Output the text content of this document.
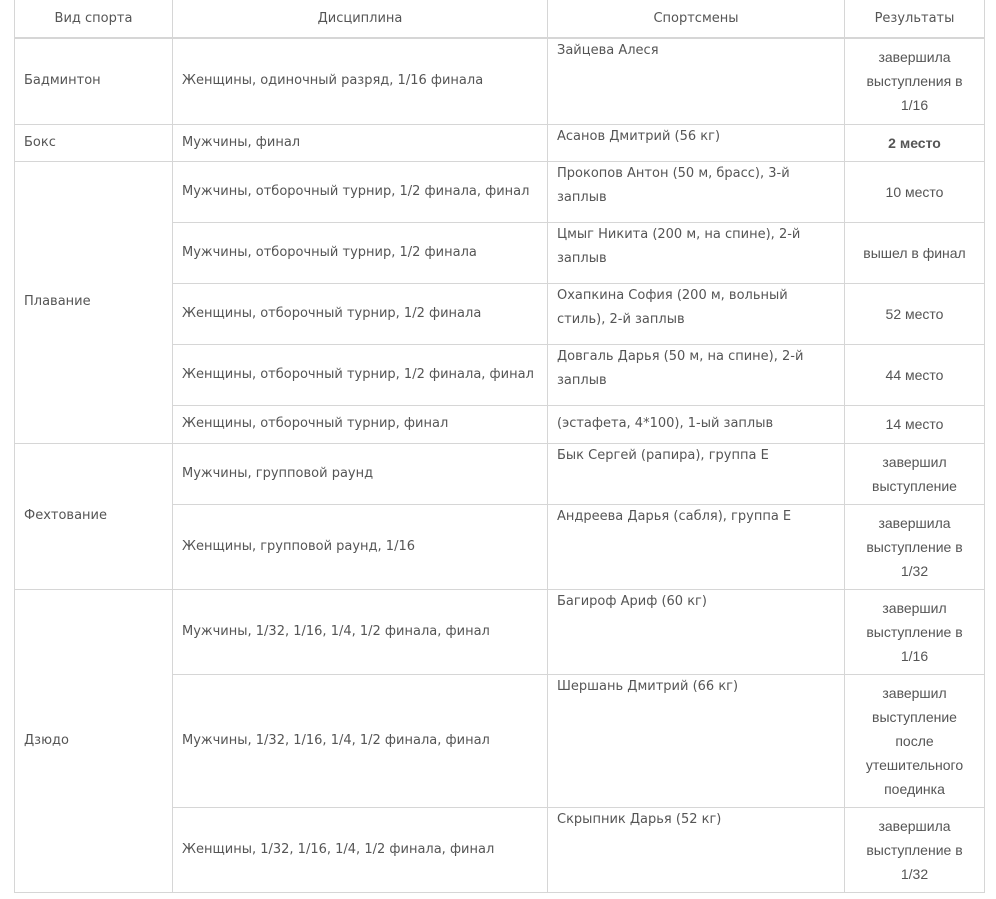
Вид спорта	Дисциплина	Спортсмены	Результаты
Бадминтон	Женщины, одиночный разряд, 1/16 финала	Зайцева Алеся	завершила выступления в 1/16
Бокс	Мужчины, финал	Асанов Дмитрий (56 кг)	2 место
Плавание	Мужчины, отборочный турнир, 1/2 финала, финал	Прокопов Антон (50 м, брасс), 3-й заплыв	10 место
	Мужчины, отборочный турнир, 1/2 финала	Цмыг Никита (200 м, на спине), 2-й заплыв	вышел в финал
	Женщины, отборочный турнир, 1/2 финала	Охапкина София (200 м, вольный стиль), 2-й заплыв	52 место
	Женщины, отборочный турнир, 1/2 финала, финал	Довгаль Дарья (50 м, на спине), 2-й заплыв	44 место
	Женщины, отборочный турнир, финал	(эстафета, 4*100), 1-ый заплыв	14 место
Фехтование	Мужчины, групповой раунд	Бык Сергей (рапира), группа Е	завершил выступление
	Женщины, групповой раунд, 1/16	Андреева Дарья (сабля), группа Е	завершила выступление в 1/32
Дзюдо	Мужчины, 1/32, 1/16, 1/4, 1/2 финала, финал	Багироф Ариф (60 кг)	завершил выступление в 1/16
	Мужчины, 1/32, 1/16, 1/4, 1/2 финала, финал	Шершань Дмитрий (66 кг)	завершил выступление после утешительного поединка
	Женщины, 1/32, 1/16, 1/4, 1/2 финала, финал	Скрыпник Дарья (52 кг)	завершила выступление в 1/32
